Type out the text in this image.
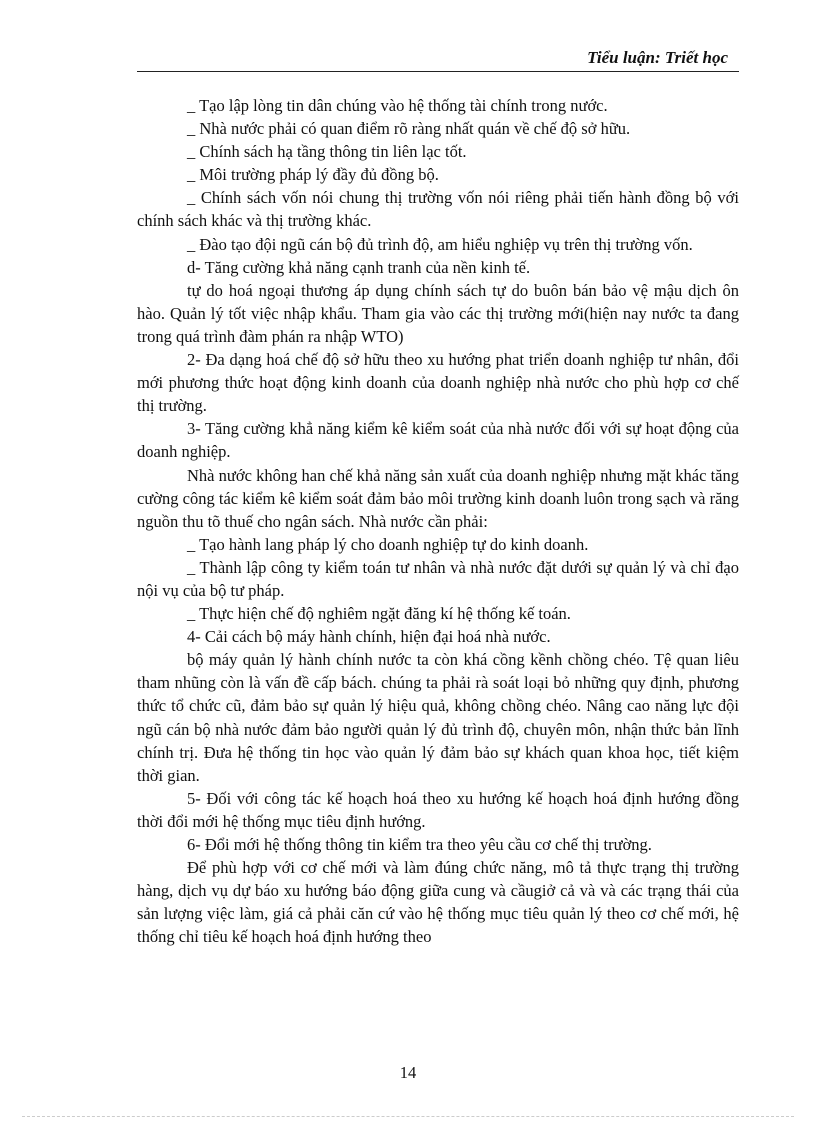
Tiểu luận: Triết học

_ Tạo lập lòng tin dân chúng vào hệ thống tài chính trong nước.

_ Nhà nước phải có quan điểm rõ ràng nhất quán về chế độ sở hữu.

_ Chính sách hạ tầng thông tin liên lạc tốt.

_ Môi trường pháp lý đầy đủ đồng bộ.

_ Chính sách vốn nói chung thị trường vốn nói riêng phải tiến hành đồng bộ với chính sách khác và thị trường khác.

_ Đào tạo đội ngũ cán bộ đủ trình độ, am hiểu nghiệp vụ trên thị trường vốn.

d- Tăng cường khả năng cạnh tranh của nền kinh tế.

tự do hoá ngoại thương áp dụng chính sách tự do buôn bán bảo vệ mậu dịch ôn hào. Quản lý tốt việc nhập khẩu. Tham gia vào các thị trường mới(hiện nay nước ta đang trong quá trình đàm phán ra nhập WTO)

2- Đa dạng hoá chế độ sở hữu theo xu hướng phat triển doanh nghiệp tư nhân, đổi mới phương thức hoạt động kinh doanh của doanh nghiệp nhà nước cho phù hợp cơ chế thị trường.

3- Tăng cường khẳ năng kiểm kê kiểm soát của nhà nước đối với sự hoạt động của doanh nghiệp.

Nhà nước không han chế khả năng sản xuất của doanh nghiệp nhưng mặt khác tăng cường công tác kiểm kê kiểm soát đảm bảo môi trường kinh doanh luôn trong sạch và răng nguồn thu tõ thuế cho ngân sách. Nhà nước cần phải:

_ Tạo hành lang pháp lý cho doanh nghiệp tự do kinh doanh.

_ Thành lập công ty kiểm toán tư nhân và nhà nước đặt dưới sự quản lý và chỉ đạo nội vụ của bộ tư pháp.

_ Thực hiện chế độ nghiêm ngặt đăng kí hệ thống kế toán.

4- Cải cách bộ máy hành chính, hiện đại hoá nhà nước.

bộ máy quản lý hành chính nước ta còn khá cồng kềnh chồng chéo. Tệ quan liêu tham nhũng còn là vấn đề cấp bách. chúng ta phải rà soát loại bỏ những quy định, phương thức tổ chức cũ, đảm bảo sự quản lý hiệu quả, không chồng chéo. Nâng cao năng lực đội ngũ cán bộ nhà nước đảm bảo người quản lý đủ trình độ, chuyên môn, nhận thức bản lĩnh chính trị. Đưa hệ thống tin học vào quản lý đảm bảo sự khách quan khoa học, tiết kiệm thời gian.

5- Đối với công tác kế hoạch hoá theo xu hướng kế hoạch hoá định hướng đồng thời đổi mới hệ thống mục tiêu định hướng.

6- Đổi mới hệ thống thông tin kiểm tra theo yêu cầu cơ chế thị trường.

Để phù hợp với cơ chế mới và làm đúng chức năng, mô tả thực trạng thị trường hàng, dịch vụ dự báo xu hướng báo động giữa cung và cầugiở cả và và các trạng thái của sản lượng việc làm, giá cả phải căn cứ vào hệ thống mục tiêu quản lý theo cơ chế mới, hệ thống chỉ tiêu kế hoạch hoá định hướng theo

14
